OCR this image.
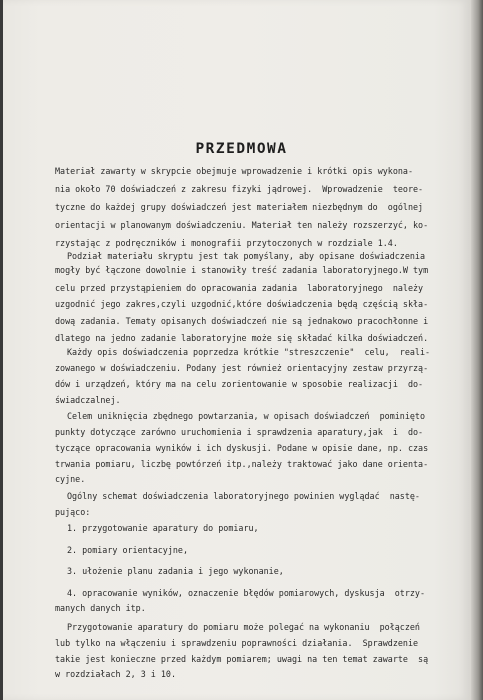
PRZEDMOWA
Materiał zawarty w skrypcie obejmuje wprowadzenie i krótki opis wykona-
nia około 70 doświadczeń z zakresu fizyki jądrowej.  Wprowadzenie  teore-
tyczne do każdej grupy doświadczeń jest materiałem niezbędnym do  ogólnej
orientacji w planowanym doświadczeniu. Materiał ten należy rozszerzyć, ko-
rzystając z podręczników i monografii przytoczonych w rozdziale 1.4.
Podział materiału skryptu jest tak pomyślany, aby opisane doświadczenia
mogły być łączone dowolnie i stanowiły treść zadania laboratoryjnego.W tym
celu przed przystąpieniem do opracowania zadania  laboratoryjnego  należy
uzgodnić jego zakres,czyli uzgodnić,które doświadczenia będą częścią skła-
dową zadania. Tematy opisanych doświadczeń nie są jednakowo pracochłonne i
dlatego na jedno zadanie laboratoryjne może się składać kilka doświadczeń.
Każdy opis doświadczenia poprzedza krótkie "streszczenie"  celu,  reali-
zowanego w doświadczeniu. Podany jest również orientacyjny zestaw przyrzą-
dów i urządzeń, który ma na celu zorientowanie w sposobie realizacji  do-
świadczalnej.
Celem uniknięcia zbędnego powtarzania, w opisach doświadczeń  pominięto
punkty dotyczące zarówno uruchomienia i sprawdzenia aparatury,jak  i  do-
tyczące opracowania wyników i ich dyskusji. Podane w opisie dane, np. czas
trwania pomiaru, liczbę powtórzeń itp.,należy traktować jako dane orienta-
cyjne.
Ogólny schemat doświadczenia laboratoryjnego powinien wyglądać  nastę-
pująco:
1. przygotowanie aparatury do pomiaru,
2. pomiary orientacyjne,
3. ułożenie planu zadania i jego wykonanie,
4. opracowanie wyników, oznaczenie błędów pomiarowych, dyskusja  otrzy-
manych danych itp.
Przygotowanie aparatury do pomiaru może polegać na wykonaniu  połączeń
lub tylko na włączeniu i sprawdzeniu poprawności działania.  Sprawdzenie
takie jest konieczne przed każdym pomiarem; uwagi na ten temat zawarte  są
w rozdziałach 2, 3 i 10.
